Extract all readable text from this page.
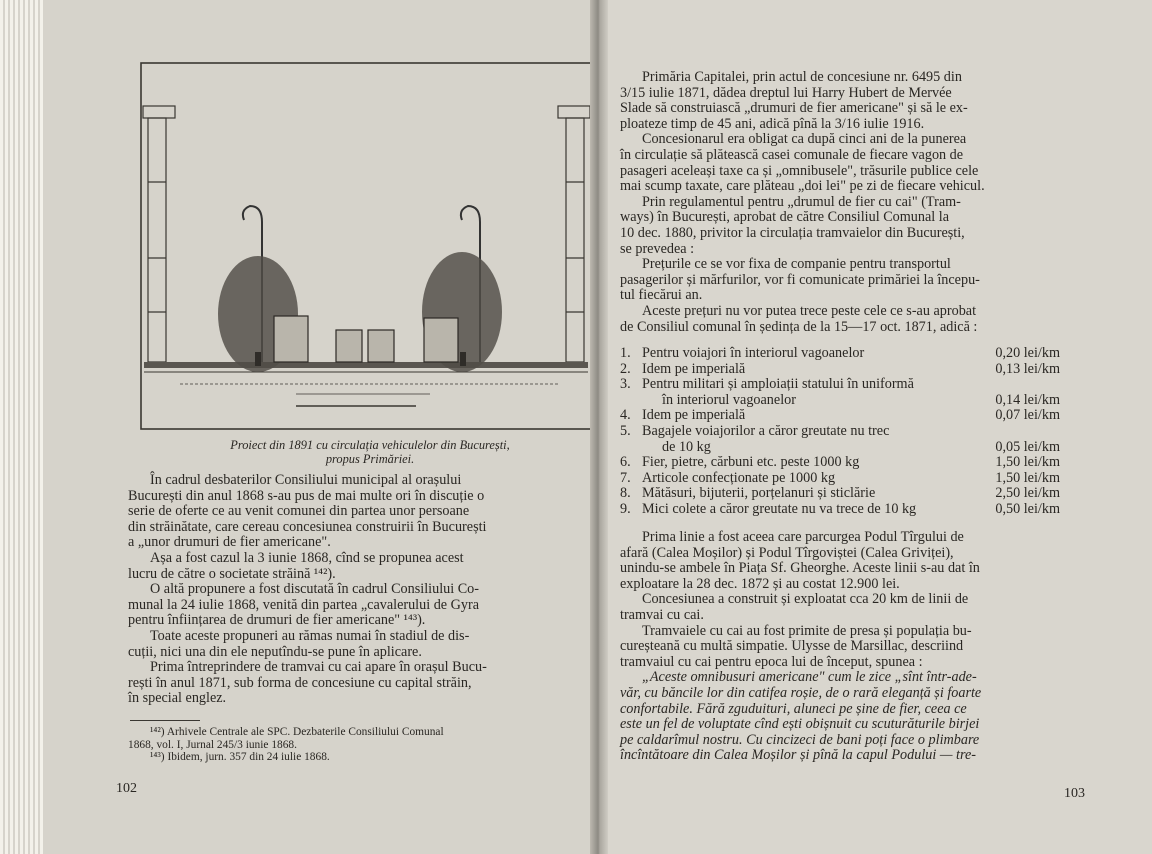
Proiect din 1891 cu circulația vehiculelor din București,
propus Primăriei.

În cadrul desbaterilor Consiliului municipal al orașului

București din anul 1868 s-au pus de mai multe ori în discuție o

serie de oferte ce au venit comunei din partea unor persoane

din străinătate, care cereau concesiunea construirii în București

a „unor drumuri de fier americane".

Așa a fost cazul la 3 iunie 1868, cînd se propunea acest

lucru de către o societate străină ¹⁴²).

O altă propunere a fost discutată în cadrul Consiliului Co-

munal la 24 iulie 1868, venită din partea „cavalerului de Gyra

pentru înființarea de drumuri de fier americane" ¹⁴³).

Toate aceste propuneri au rămas numai în stadiul de dis-

cuții, nici una din ele neputîndu-se pune în aplicare.

Prima întreprindere de tramvai cu cai apare în orașul Bucu-

rești în anul 1871, sub forma de concesiune cu capital străin,

în special englez.

¹⁴²) Arhivele Centrale ale SPC. Dezbaterile Consiliului Comunal
1868, vol. I, Jurnal 245/3 iunie 1868.
¹⁴³) Ibidem, jurn. 357 din 24 iulie 1868.
102

Primăria Capitalei, prin actul de concesiune nr. 6495 din

3/15 iulie 1871, dădea dreptul lui Harry Hubert de Mervée

Slade să construiască „drumuri de fier americane" și să le ex-

ploateze timp de 45 ani, adică pînă la 3/16 iulie 1916.

Concesionarul era obligat ca după cinci ani de la punerea

în circulație să plătească casei comunale de fiecare vagon de

pasageri aceleași taxe ca și „omnibusele", trăsurile publice cele

mai scump taxate, care plăteau „doi lei" pe zi de fiecare vehicul.

Prin regulamentul pentru „drumul de fier cu cai" (Tram-

ways) în București, aprobat de către Consiliul Comunal la

10 dec. 1880, privitor la circulația tramvaielor din București,

se prevedea :

Prețurile ce se vor fixa de companie pentru transportul

pasagerilor și mărfurilor, vor fi comunicate primăriei la începu-

tul fiecărui an.

Aceste prețuri nu vor putea trece peste cele ce s-au aprobat

de Consiliul comunal în ședința de la 15—17 oct. 1871, adică :

1. Pentru voiajori în interiorul vagoanelor	0,20 lei/km
2. Idem pe imperială	0,13 lei/km
3. Pentru militari și amploiații statului în uniformă
în interiorul vagoanelor	0,14 lei/km
4. Idem pe imperială	0,07 lei/km
5. Bagajele voiajorilor a căror greutate nu trec
de 10 kg	0,05 lei/km
6. Fier, pietre, cărbuni etc. peste 1000 kg	1,50 lei/km
7. Articole confecționate pe 1000 kg	1,50 lei/km
8. Mătăsuri, bijuterii, porțelanuri și sticlărie	2,50 lei/km
9. Mici colete a căror greutate nu va trece de 10 kg	0,50 lei/km

Prima linie a fost aceea care parcurgea Podul Tîrgului de

afară (Calea Moșilor) și Podul Tîrgoviștei (Calea Griviței),

unindu-se ambele în Piața Sf. Gheorghe. Aceste linii s-au dat în

exploatare la 28 dec. 1872 și au costat 12.900 lei.

Concesiunea a construit și exploatat cca 20 km de linii de

tramvai cu cai.

Tramvaiele cu cai au fost primite de presa și populația bu-

cureșteană cu multă simpatie. Ulysse de Marsillac, descriind

tramvaiul cu cai pentru epoca lui de început, spunea :

„Aceste omnibusuri americane" cum le zice „sînt într-ade-

văr, cu băncile lor din catifea roșie, de o rară eleganță și foarte

confortabile. Fără zguduituri, aluneci pe șine de fier, ceea ce

este un fel de voluptate cînd ești obișnuit cu scuturăturile birjei

pe caldarîmul nostru. Cu cincizeci de bani poți face o plimbare

încîntătoare din Calea Moșilor și pînă la capul Podului — tre-

103
